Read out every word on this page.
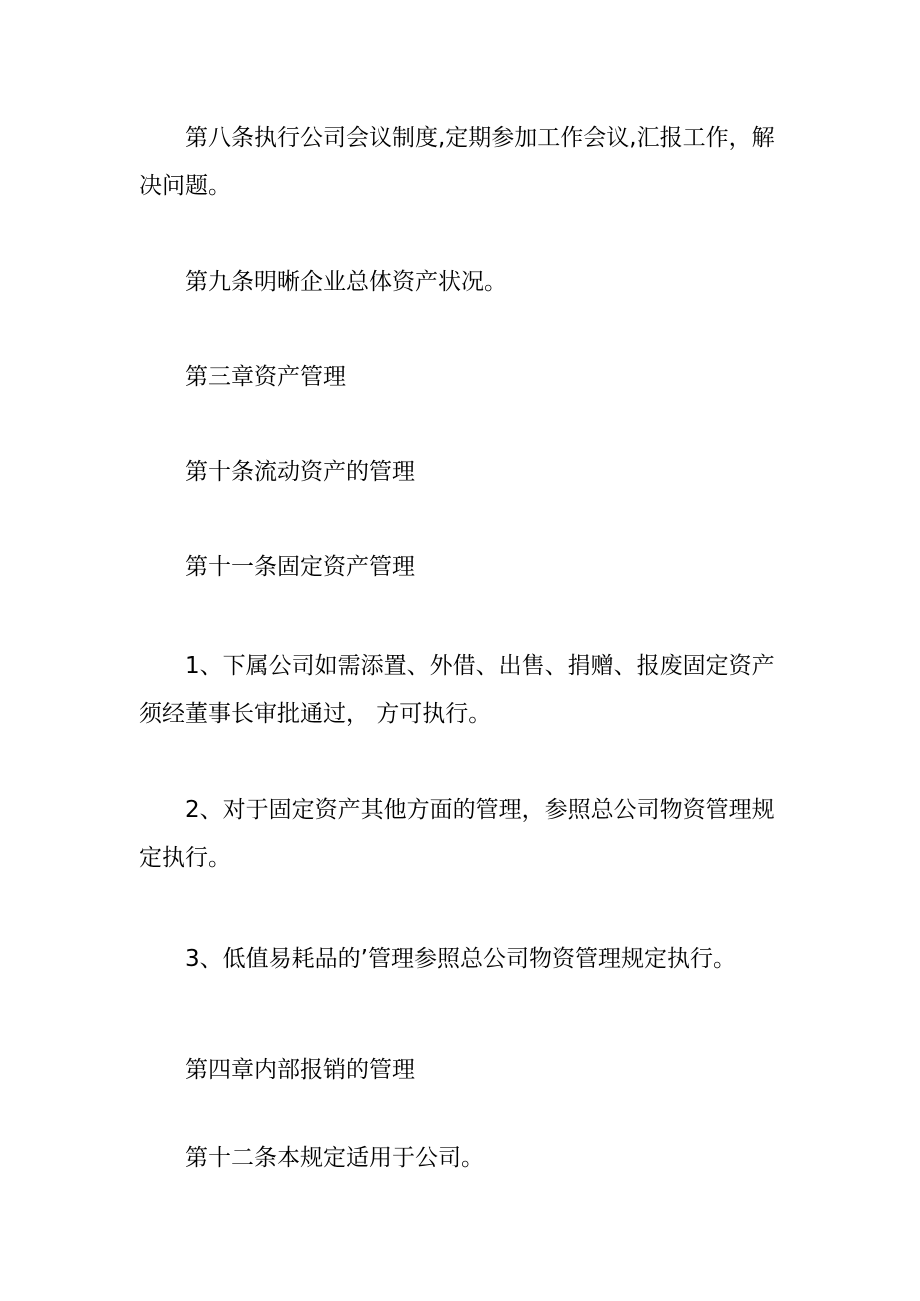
第八条执行公司会议制度,定期参加工作会议,汇报工作，解决问题。

第九条明晰企业总体资产状况。

第三章资产管理

第十条流动资产的管理

第十一条固定资产管理

1、下属公司如需添置、外借、出售、捐赠、报废固定资产须经董事长审批通过， 方可执行。

2、对于固定资产其他方面的管理，参照总公司物资管理规定执行。

3、低值易耗品的’管理参照总公司物资管理规定执行。

第四章内部报销的管理

第十二条本规定适用于公司。
